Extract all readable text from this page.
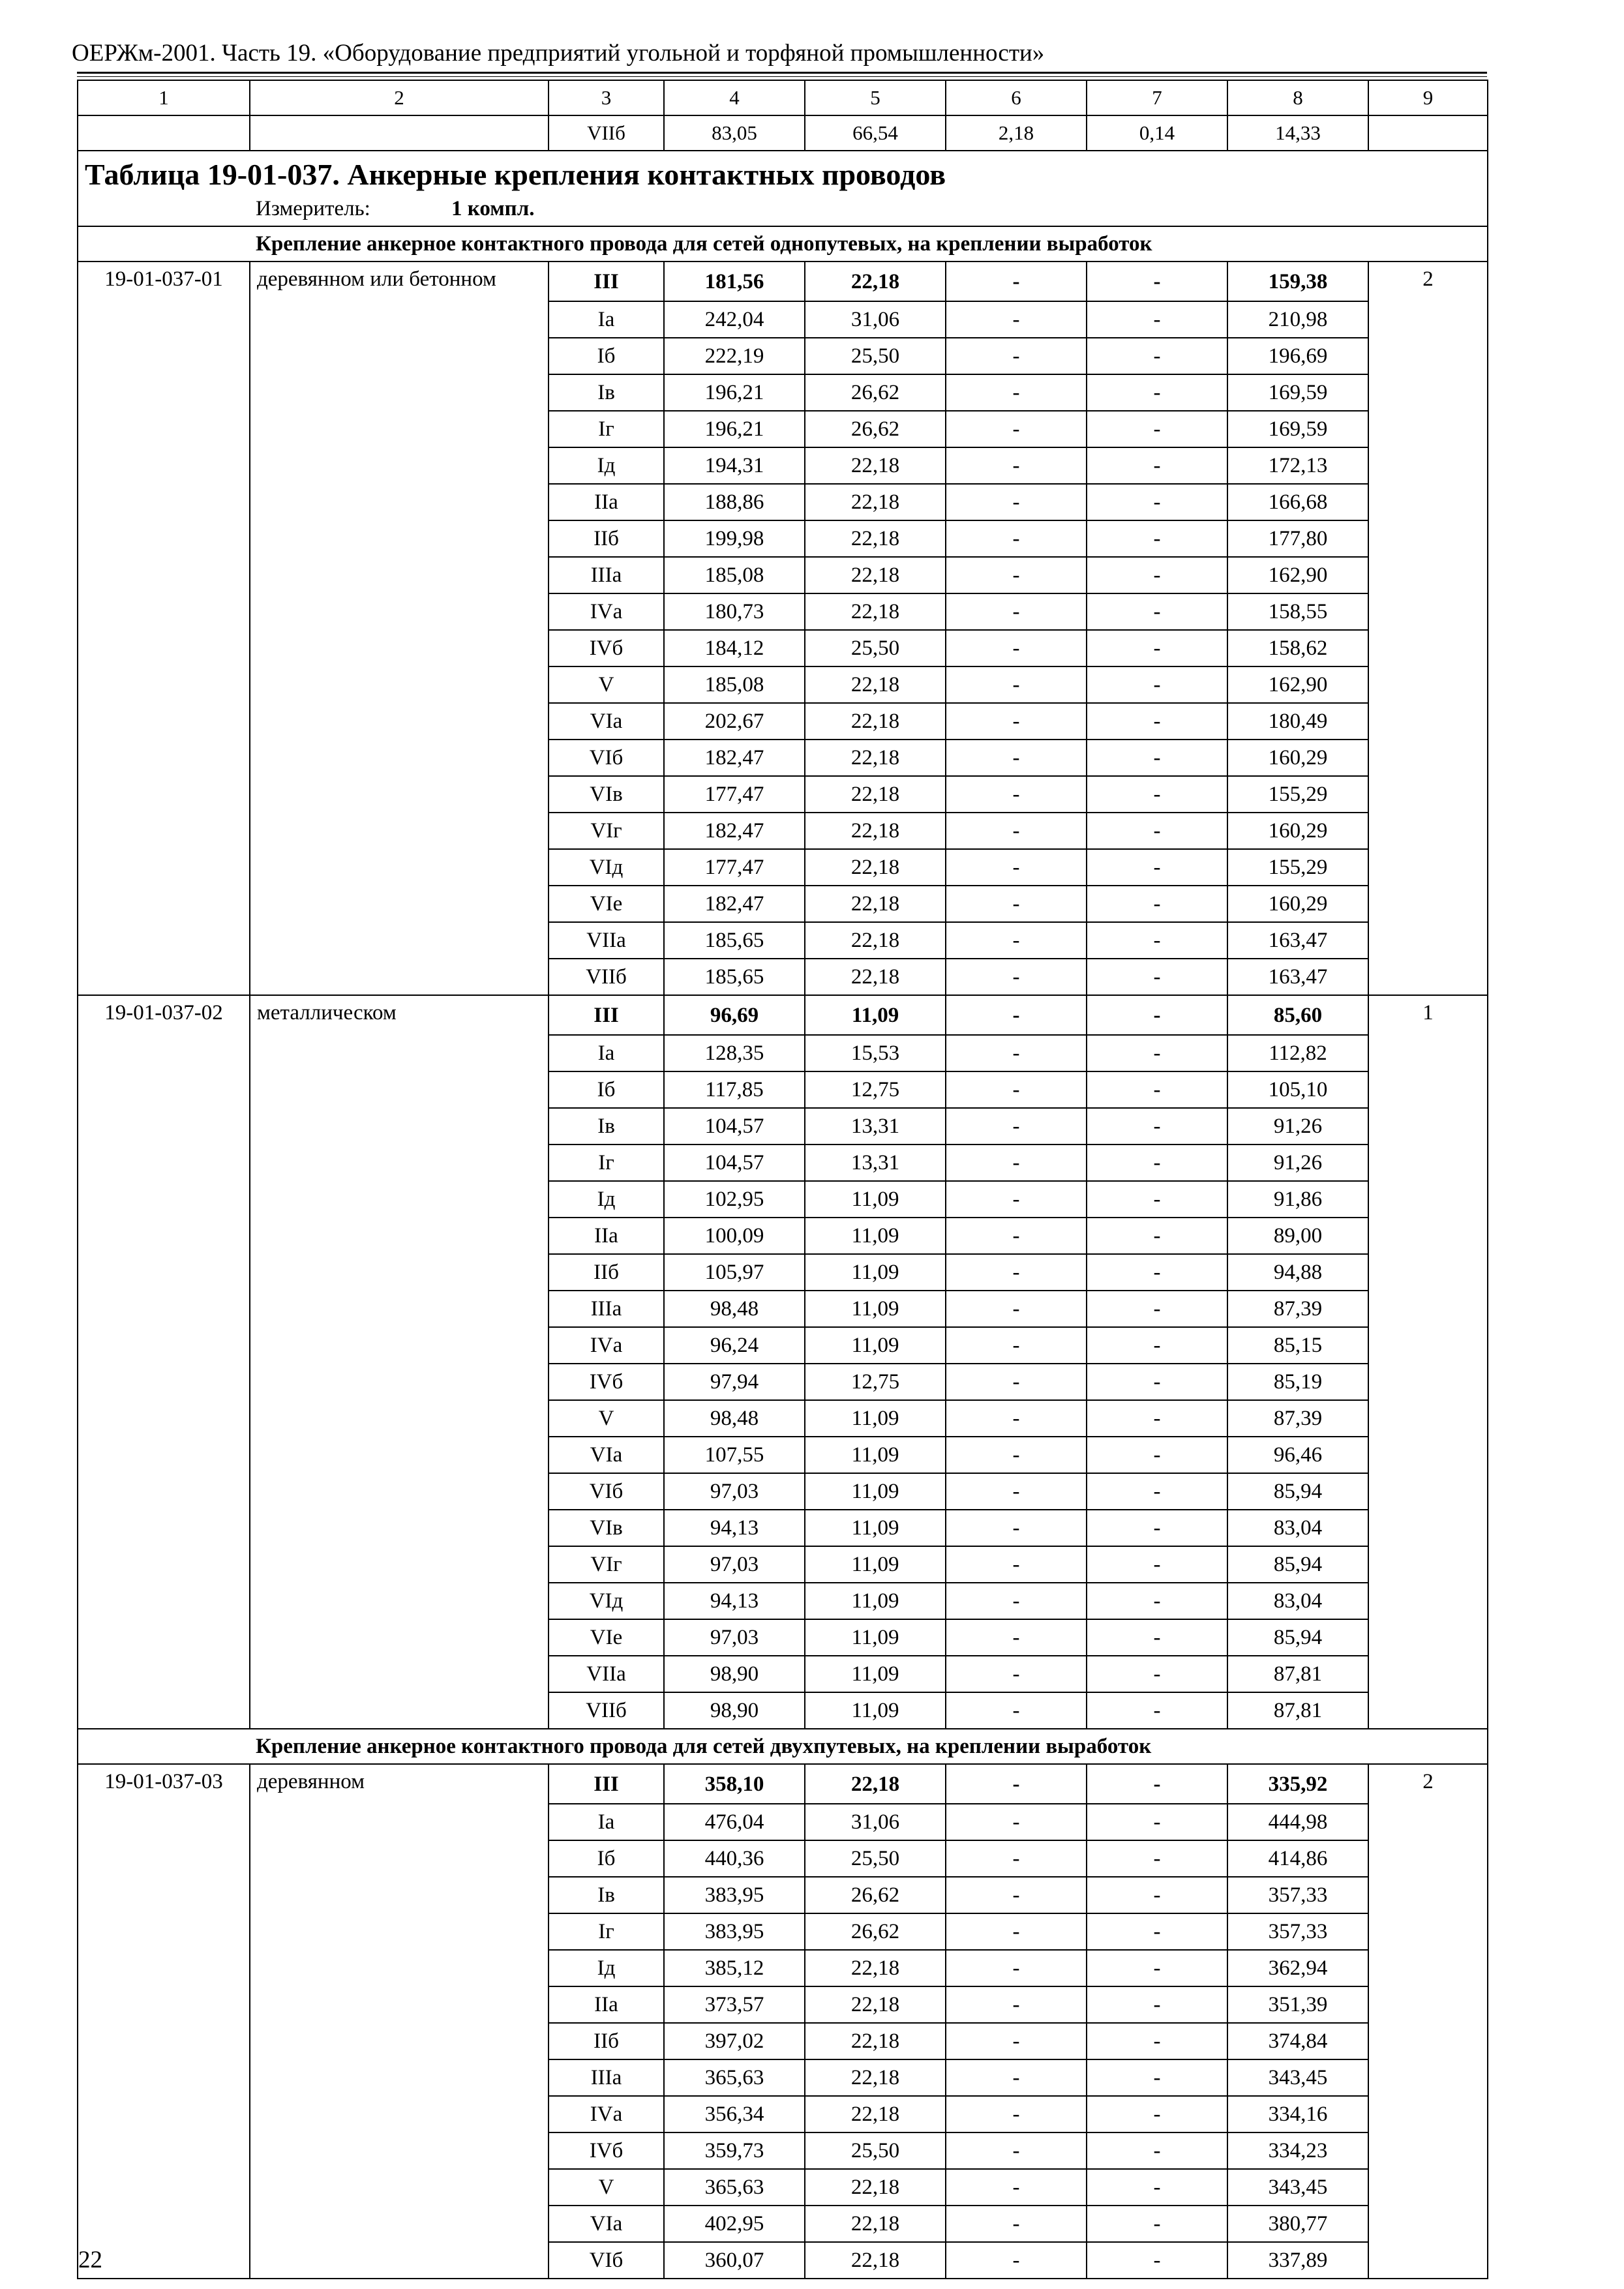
ОЕРЖм-2001. Часть 19. «Оборудование предприятий угольной и торфяной промышленности»
1	2	3	4	5	6	7	8	9
		VIIб	83,05	66,54	2,18	0,14	14,33	

Таблица 19-01-037. Анкерные крепления контактных проводов
Измеритель: 1 компл.								

Крепление анкерное контактного провода для сетей однопутевых, на креплении выработок								
19-01-037-01	деревянном или бетонном	III	181,56	22,18	-	-	159,38	2
		Iа	242,04	31,06	-	-	210,98	
		Iб	222,19	25,50	-	-	196,69	
		Iв	196,21	26,62	-	-	169,59	
		Iг	196,21	26,62	-	-	169,59	
		Iд	194,31	22,18	-	-	172,13	
		IIа	188,86	22,18	-	-	166,68	
		IIб	199,98	22,18	-	-	177,80	
		IIIа	185,08	22,18	-	-	162,90	
		IVа	180,73	22,18	-	-	158,55	
		IVб	184,12	25,50	-	-	158,62	
		V	185,08	22,18	-	-	162,90	
		VIа	202,67	22,18	-	-	180,49	
		VIб	182,47	22,18	-	-	160,29	
		VIв	177,47	22,18	-	-	155,29	
		VIг	182,47	22,18	-	-	160,29	
		VIд	177,47	22,18	-	-	155,29	
		VIе	182,47	22,18	-	-	160,29	
		VIIа	185,65	22,18	-	-	163,47	
		VIIб	185,65	22,18	-	-	163,47	
19-01-037-02	металлическом	III	96,69	11,09	-	-	85,60	1
		Iа	128,35	15,53	-	-	112,82	
		Iб	117,85	12,75	-	-	105,10	
		Iв	104,57	13,31	-	-	91,26	
		Iг	104,57	13,31	-	-	91,26	
		Iд	102,95	11,09	-	-	91,86	
		IIа	100,09	11,09	-	-	89,00	
		IIб	105,97	11,09	-	-	94,88	
		IIIа	98,48	11,09	-	-	87,39	
		IVа	96,24	11,09	-	-	85,15	
		IVб	97,94	12,75	-	-	85,19	
		V	98,48	11,09	-	-	87,39	
		VIа	107,55	11,09	-	-	96,46	
		VIб	97,03	11,09	-	-	85,94	
		VIв	94,13	11,09	-	-	83,04	
		VIг	97,03	11,09	-	-	85,94	
		VIд	94,13	11,09	-	-	83,04	
		VIе	97,03	11,09	-	-	85,94	
		VIIа	98,90	11,09	-	-	87,81	
		VIIб	98,90	11,09	-	-	87,81	
Крепление анкерное контактного провода для сетей двухпутевых, на креплении выработок								
19-01-037-03	деревянном	III	358,10	22,18	-	-	335,92	2
		Iа	476,04	31,06	-	-	444,98	
		Iб	440,36	25,50	-	-	414,86	
		Iв	383,95	26,62	-	-	357,33	
		Iг	383,95	26,62	-	-	357,33	
		Iд	385,12	22,18	-	-	362,94	
		IIа	373,57	22,18	-	-	351,39	
		IIб	397,02	22,18	-	-	374,84	
		IIIа	365,63	22,18	-	-	343,45	
		IVа	356,34	22,18	-	-	334,16	
		IVб	359,73	25,50	-	-	334,23	
		V	365,63	22,18	-	-	343,45	
		VIа	402,95	22,18	-	-	380,77	
		VIб	360,07	22,18	-	-	337,89	
22
